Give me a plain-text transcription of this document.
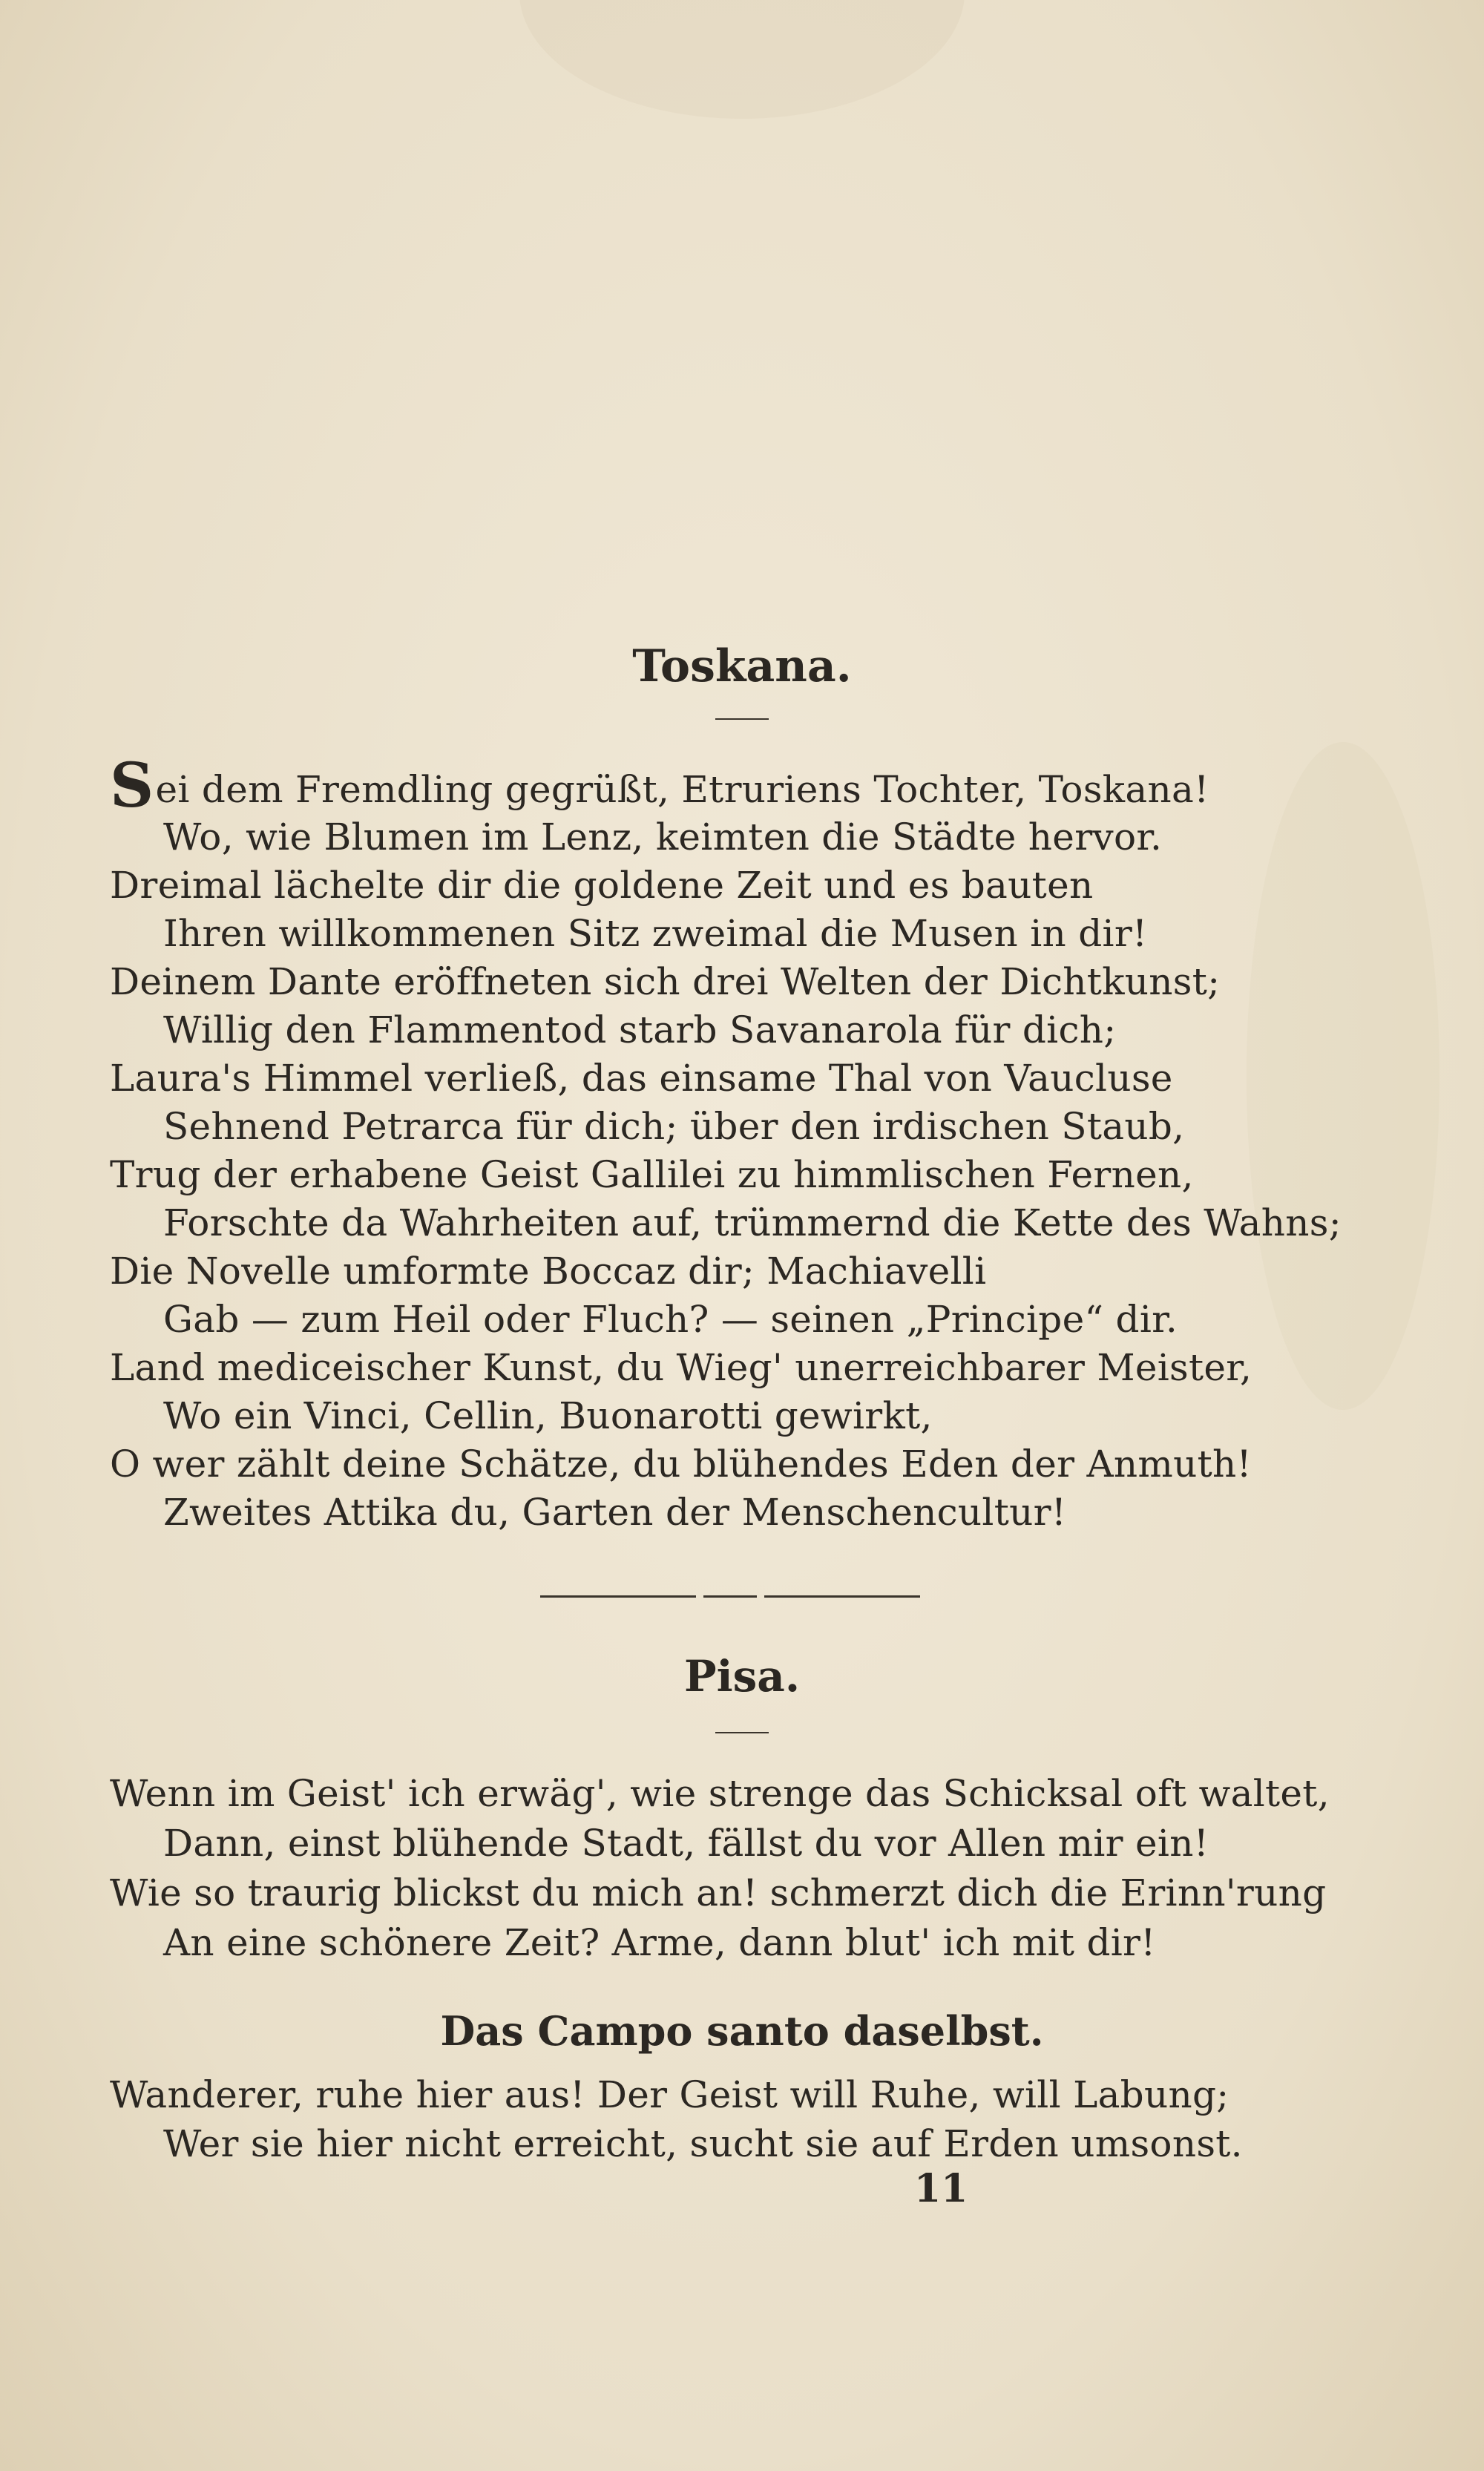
Toskana.
Sei dem Fremdling gegrüßt, Etruriens Tochter, Toskana!
Wo, wie Blumen im Lenz, keimten die Städte hervor.
Dreimal lächelte dir die goldene Zeit und es bauten
Ihren willkommenen Sitz zweimal die Musen in dir!
Deinem Dante eröffneten sich drei Welten der Dichtkunst;
Willig den Flammentod starb Savanarola für dich;
Laura's Himmel verließ, das einsame Thal von Vaucluse
Sehnend Petrarca für dich; über den irdischen Staub,
Trug der erhabene Geist Gallilei zu himmlischen Fernen,
Forschte da Wahrheiten auf, trümmernd die Kette des Wahns;
Die Novelle umformte Boccaz dir; Machiavelli
Gab — zum Heil oder Fluch? — seinen „Principe“ dir.
Land mediceischer Kunst, du Wieg' unerreichbarer Meister,
Wo ein Vinci, Cellin, Buonarotti gewirkt,
O wer zählt deine Schätze, du blühendes Eden der Anmuth!
Zweites Attika du, Garten der Menschencultur!
Pisa.
Wenn im Geist' ich erwäg', wie strenge das Schicksal oft waltet,
Dann, einst blühende Stadt, fällst du vor Allen mir ein!
Wie so traurig blickst du mich an! schmerzt dich die Erinn'rung
An eine schönere Zeit? Arme, dann blut' ich mit dir!
Das Campo santo daselbst.
Wanderer, ruhe hier aus! Der Geist will Ruhe, will Labung;
Wer sie hier nicht erreicht, sucht sie auf Erden umsonst.
11
